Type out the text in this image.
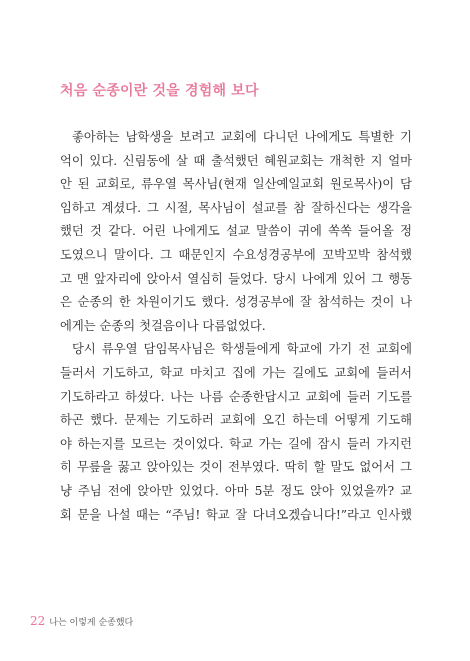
처음 순종이란 것을 경험해 보다
좋아하는 남학생을 보려고 교회에 다니던 나에게도 특별한 기
억이 있다. 신림동에 살 때 출석했던 혜원교회는 개척한 지 얼마
안 된 교회로, 류우열 목사님(현재 일산예일교회 원로목사)이 담
임하고 계셨다. 그 시절, 목사님이 설교를 참 잘하신다는 생각을
했던 것 같다. 어린 나에게도 설교 말씀이 귀에 쏙쏙 들어올 정
도였으니 말이다. 그 때문인지 수요성경공부에 꼬박꼬박 참석했
고 맨 앞자리에 앉아서 열심히 들었다. 당시 나에게 있어 그 행동
은 순종의 한 차원이기도 했다. 성경공부에 잘 참석하는 것이 나
에게는 순종의 첫걸음이나 다름없었다.
당시 류우열 담임목사님은 학생들에게 학교에 가기 전 교회에
들러서 기도하고, 학교 마치고 집에 가는 길에도 교회에 들러서
기도하라고 하셨다. 나는 나름 순종한답시고 교회에 들러 기도를
하곤 했다. 문제는 기도하러 교회에 오긴 하는데 어떻게 기도해
야 하는지를 모르는 것이었다. 학교 가는 길에 잠시 들러 가지런
히 무릎을 꿇고 앉아있는 것이 전부였다. 딱히 할 말도 없어서 그
냥 주님 전에 앉아만 있었다. 아마 5분 정도 앉아 있었을까? 교
회 문을 나설 때는 “주님! 학교 잘 다녀오겠습니다!”라고 인사했
22 나는 이렇게 순종했다
